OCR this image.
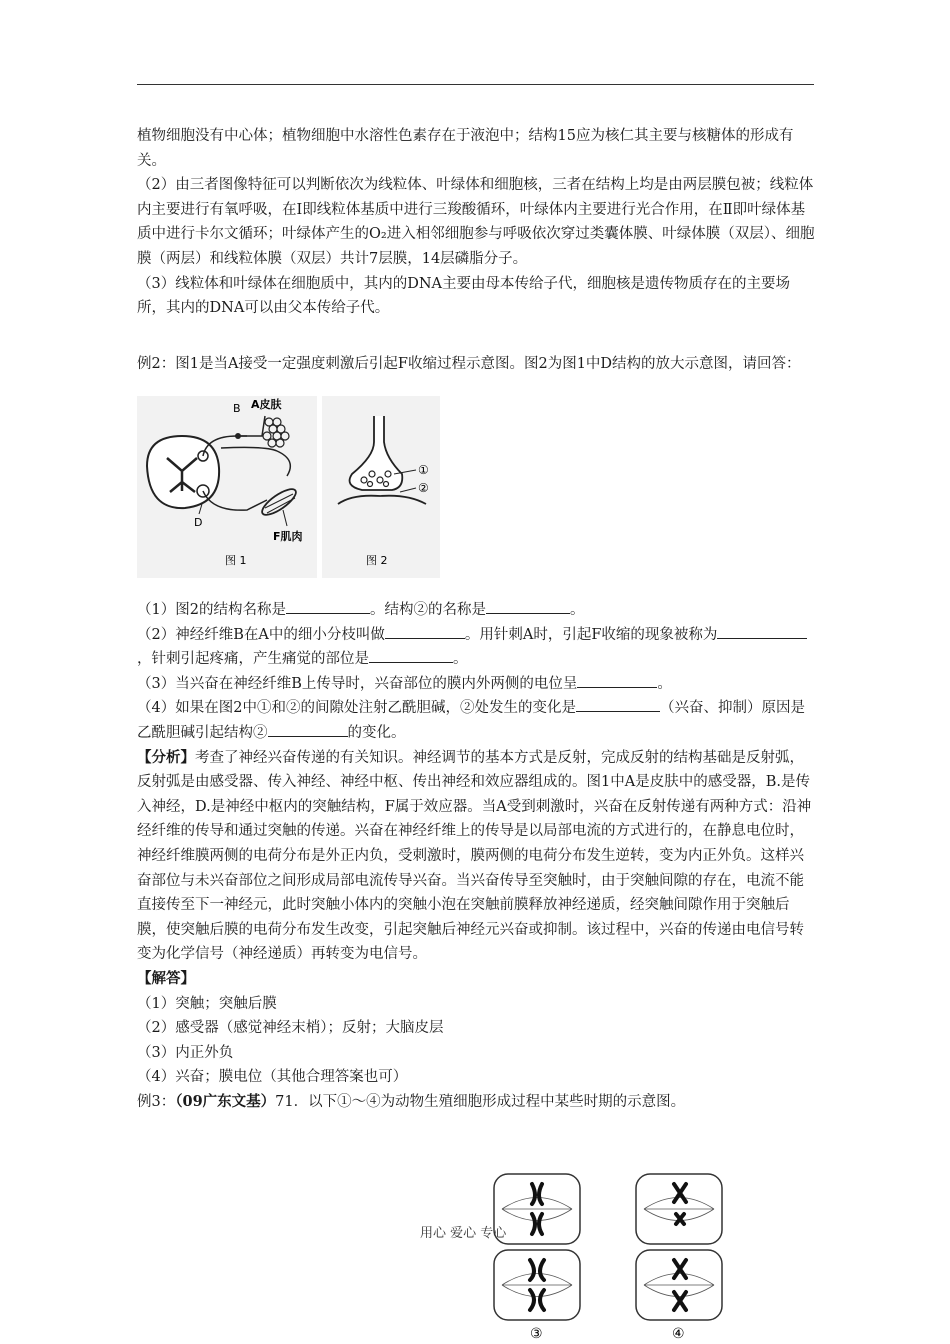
植物细胞没有中心体；植物细胞中水溶性色素存在于液泡中；结构15应为核仁其主要与核糖体的形成有关。

（2）由三者图像特征可以判断依次为线粒体、叶绿体和细胞核，三者在结构上均是由两层膜包被；线粒体内主要进行有氧呼吸，在Ⅰ即线粒体基质中进行三羧酸循环，叶绿体内主要进行光合作用，在Ⅱ即叶绿体基质中进行卡尔文循环；叶绿体产生的O₂进入相邻细胞参与呼吸依次穿过类囊体膜、叶绿体膜（双层）、细胞膜（两层）和线粒体膜（双层）共计7层膜，14层磷脂分子。

（3）线粒体和叶绿体在细胞质中，其内的DNA主要由母本传给子代，细胞核是遗传物质存在的主要场所，其内的DNA可以由父本传给子代。

例2：图1是当A接受一定强度刺激后引起F收缩过程示意图。图2为图1中D结构的放大示意图，请回答：

B A皮肤
D
F肌肉
图 1
①
②
图 2

（1）图2的结构名称是	。结构②的名称是	。

（2）神经纤维B在A中的细小分枝叫做	。用针刺A时，引起F收缩的现象被称为，针刺引起疼痛，产生痛觉的部位是	。

（3）当兴奋在神经纤维B上传导时，兴奋部位的膜内外两侧的电位呈	。

（4）如果在图2中①和②的间隙处注射乙酰胆碱，②处发生的变化是	（兴奋、抑制）原因是乙酰胆碱引起结构②	的变化。

【分析】考查了神经兴奋传递的有关知识。神经调节的基本方式是反射，完成反射的结构基础是反射弧，反射弧是由感受器、传入神经、神经中枢、传出神经和效应器组成的。图1中A是皮肤中的感受器，B.是传入神经，D.是神经中枢内的突触结构，F属于效应器。当A受到刺激时，兴奋在反射传递有两种方式：沿神经纤维的传导和通过突触的传递。兴奋在神经纤维上的传导是以局部电流的方式进行的，在静息电位时，神经纤维膜两侧的电荷分布是外正内负，受刺激时，膜两侧的电荷分布发生逆转，变为内正外负。这样兴奋部位与未兴奋部位之间形成局部电流传导兴奋。当兴奋传导至突触时，由于突触间隙的存在，电流不能直接传至下一神经元，此时突触小体内的突触小泡在突触前膜释放神经递质，经突触间隙作用于突触后膜，使突触后膜的电荷分布发生改变，引起突触后神经元兴奋或抑制。该过程中，兴奋的传递由电信号转变为化学信号（神经递质）再转变为电信号。

【解答】

（1）突触；突触后膜

（2）感受器（感觉神经末梢）；反射；大脑皮层

（3）内正外负

（4）兴奋；膜电位（其他合理答案也可）

例3：（09广东文基）71．以下①～④为动物生殖细胞形成过程中某些时期的示意图。

③	④
用心 爱心 专心
